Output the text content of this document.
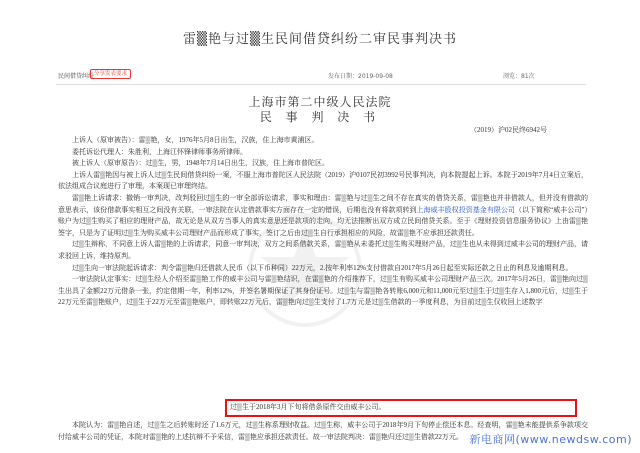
雷▒艳与过▒生民间借贷纠纷二审民事判决书
民间借贷纠纷 分享发表要求	发布日期：2019-09-08	浏览：81次
上海市第二中级人民法院
民 事 判 决 书
（2019）沪02民终6942号

上诉人（原审被告）：雷▒艳，女，1976年5月8日出生，汉族，住上海市黄浦区。

委托诉讼代理人：朱胜利，上海江怀锋律师事务所律师。

被上诉人（原审原告）：过▒生，男，1948年7月14日出生，汉族，住上海市普陀区。

上诉人雷▒艳因与被上诉人过▒生民间借贷纠纷一案，不服上海市普陀区人民法院（2019）沪0107民初3992号民事判决，向本院提起上诉。本院于2019年7月4日立案后，依法组成合议庭进行了审理，本案现已审理终结。

雷▒艳上诉请求：撤销一审判决，改判驳回过▒生的一审全部诉讼请求，事实和理由：雷▒艳与过▒生之间不存在真实的借贷关系，雷▒艳也并非借款人，但并没有借款的意思表示，该份借款事实相互之间没有关联，一审法院在认定借款事实方面存在一定的错误，后期也没有将款项转到上海威丰股权投资基金有限公司（以下简称“威丰公司”）账户为过▒生购买了相应的理财产品，故无论是从双方当事人的真实意思还是款项的走向，均无法推断出双方成立民间借贷关系。至于《理财投资信息服务协议》上由雷▒艳签字，只是为了证明过▒生为购买威丰公司理财产品而形成了事实，签订之后由过▒生自行承担相应的风险，故雷▒艳不应承担还款责任。

过▒生辩称，不同意上诉人雷▒艳的上诉请求，同意一审判决，双方之间系借款关系，雷▒艳从未委托过▒生购买理财产品，过▒生也从未得到过威丰公司的理财产品，请求驳回上诉，维持原判。

过▒生向一审法院起诉请求：判令雷▒艳归还借款人民币（以下币种同）22万元，2.按年利率12%支付借款自2017年5月26日起至实际还款之日止的利息及逾期利息。

一审法院认定事实：过▒生经人介绍至雷▒艳工作的威丰公司与雷▒艳结识，在雷▒艳的介绍推荐下，过▒生有购买威丰公司理财产品三次。2017年5月26日，雷▒艳向过▒生出具了金额22万元借条一张，约定借期一年，利率12%，并签名署期保证了其身份证号。过▒生与雷▒艳各转账6,000元和11,000元至过▒生于过▒生存入1,800元后，过▒生于22万元至雷▒艳账户，过▒生于22万元至雷▒艳账户，即转账22万元后，雷▒艳向过▒生支付了1.7万元是过▒生借款的一季度利息，为目前过▒生仅收回上述数字

过▒生于2018年3月下旬将借条原件交由威丰公司。
本院认为：雷▒艳自述，过▒生之后转账时还了1.6万元，过▒生称系理财收益。过▒生称，威丰公司于2018年9月下旬停止偿还本息。经查明，雷▒艳未能提供系争款项交付给威丰公司的凭证，本院对雷▒艳的上述抗辩不予采信，雷▒艳应承担还款责任。故一审法院判决：雷▒艳归还过▒生借款22万元。 新电商网(www.newdsw.com)
